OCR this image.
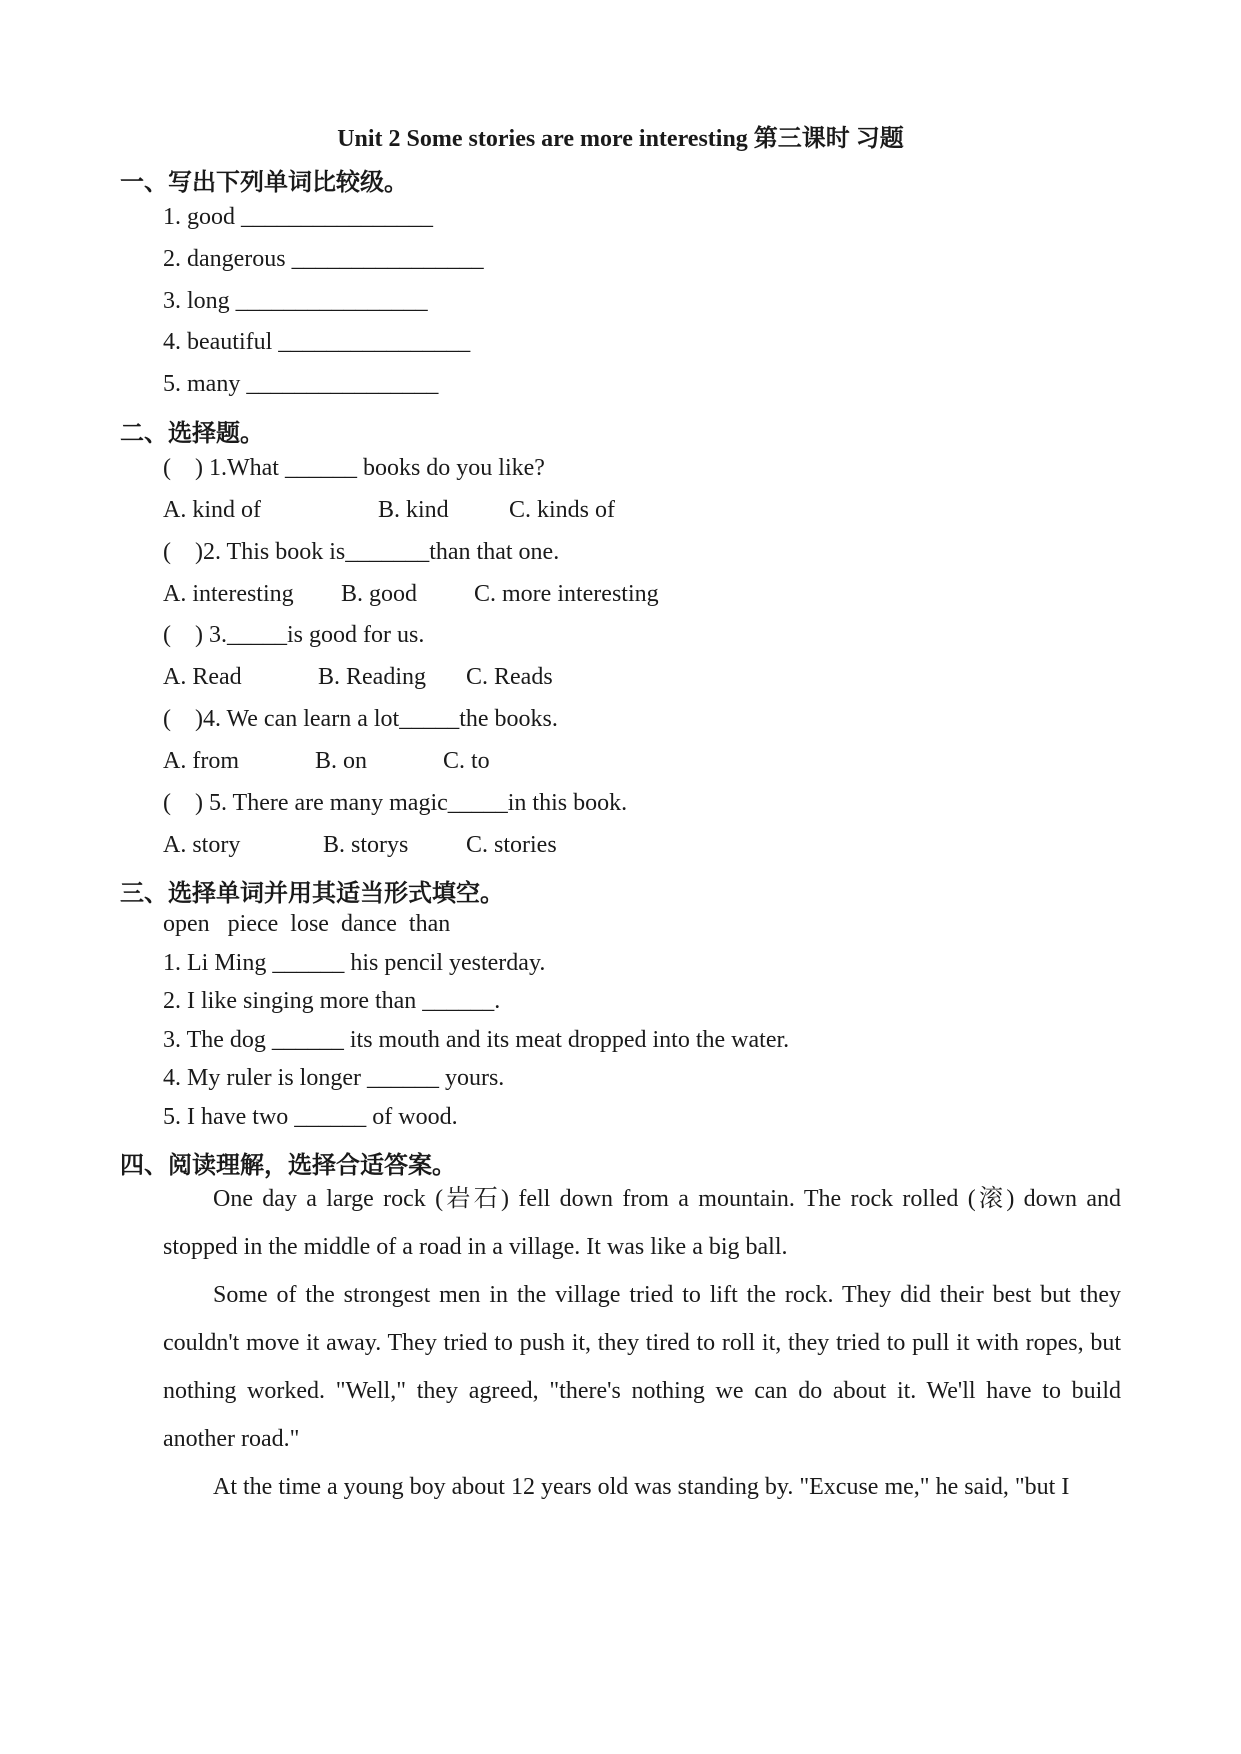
Unit 2 Some stories are more interesting 第三课时 习题
一、写出下列单词比较级。
1. good ________________
2. dangerous ________________
3. long ________________
4. beautiful ________________
5. many ________________
二、选择题。
(    ) 1.What ______ books do you like?
A. kind of	B. kind	C. kinds of
(    )2. This book is_______than that one.
A. interesting B. good C. more interesting
(    ) 3._____is good for us.
A. Read	B. Reading C. Reads
(    )4. We can learn a lot_____the books.
A. from	B. on	C. to
(    ) 5. There are many magic_____in this book.
A. story	B. storys C. stories
三、选择单词并用其适当形式填空。
open   piece  lose  dance  than
1. Li Ming ______ his pencil yesterday.
2. I like singing more than ______.
3. The dog ______ its mouth and its meat dropped into the water.
4. My ruler is longer ______ yours.
5. I have two ______ of wood.
四、阅读理解，选择合适答案。

One day a large rock (岩石) fell down from a mountain. The rock rolled (滚) down and stopped in the middle of a road in a village. It was like a big ball.

Some of the strongest men in the village tried to lift the rock. They did their best but they couldn't move it away. They tried to push it, they tired to roll it, they tried to pull it with ropes, but nothing worked. "Well," they agreed, "there's nothing we can do about it. We'll have to build another road."

At the time a young boy about 12 years old was standing by. "Excuse me," he said, "but I
